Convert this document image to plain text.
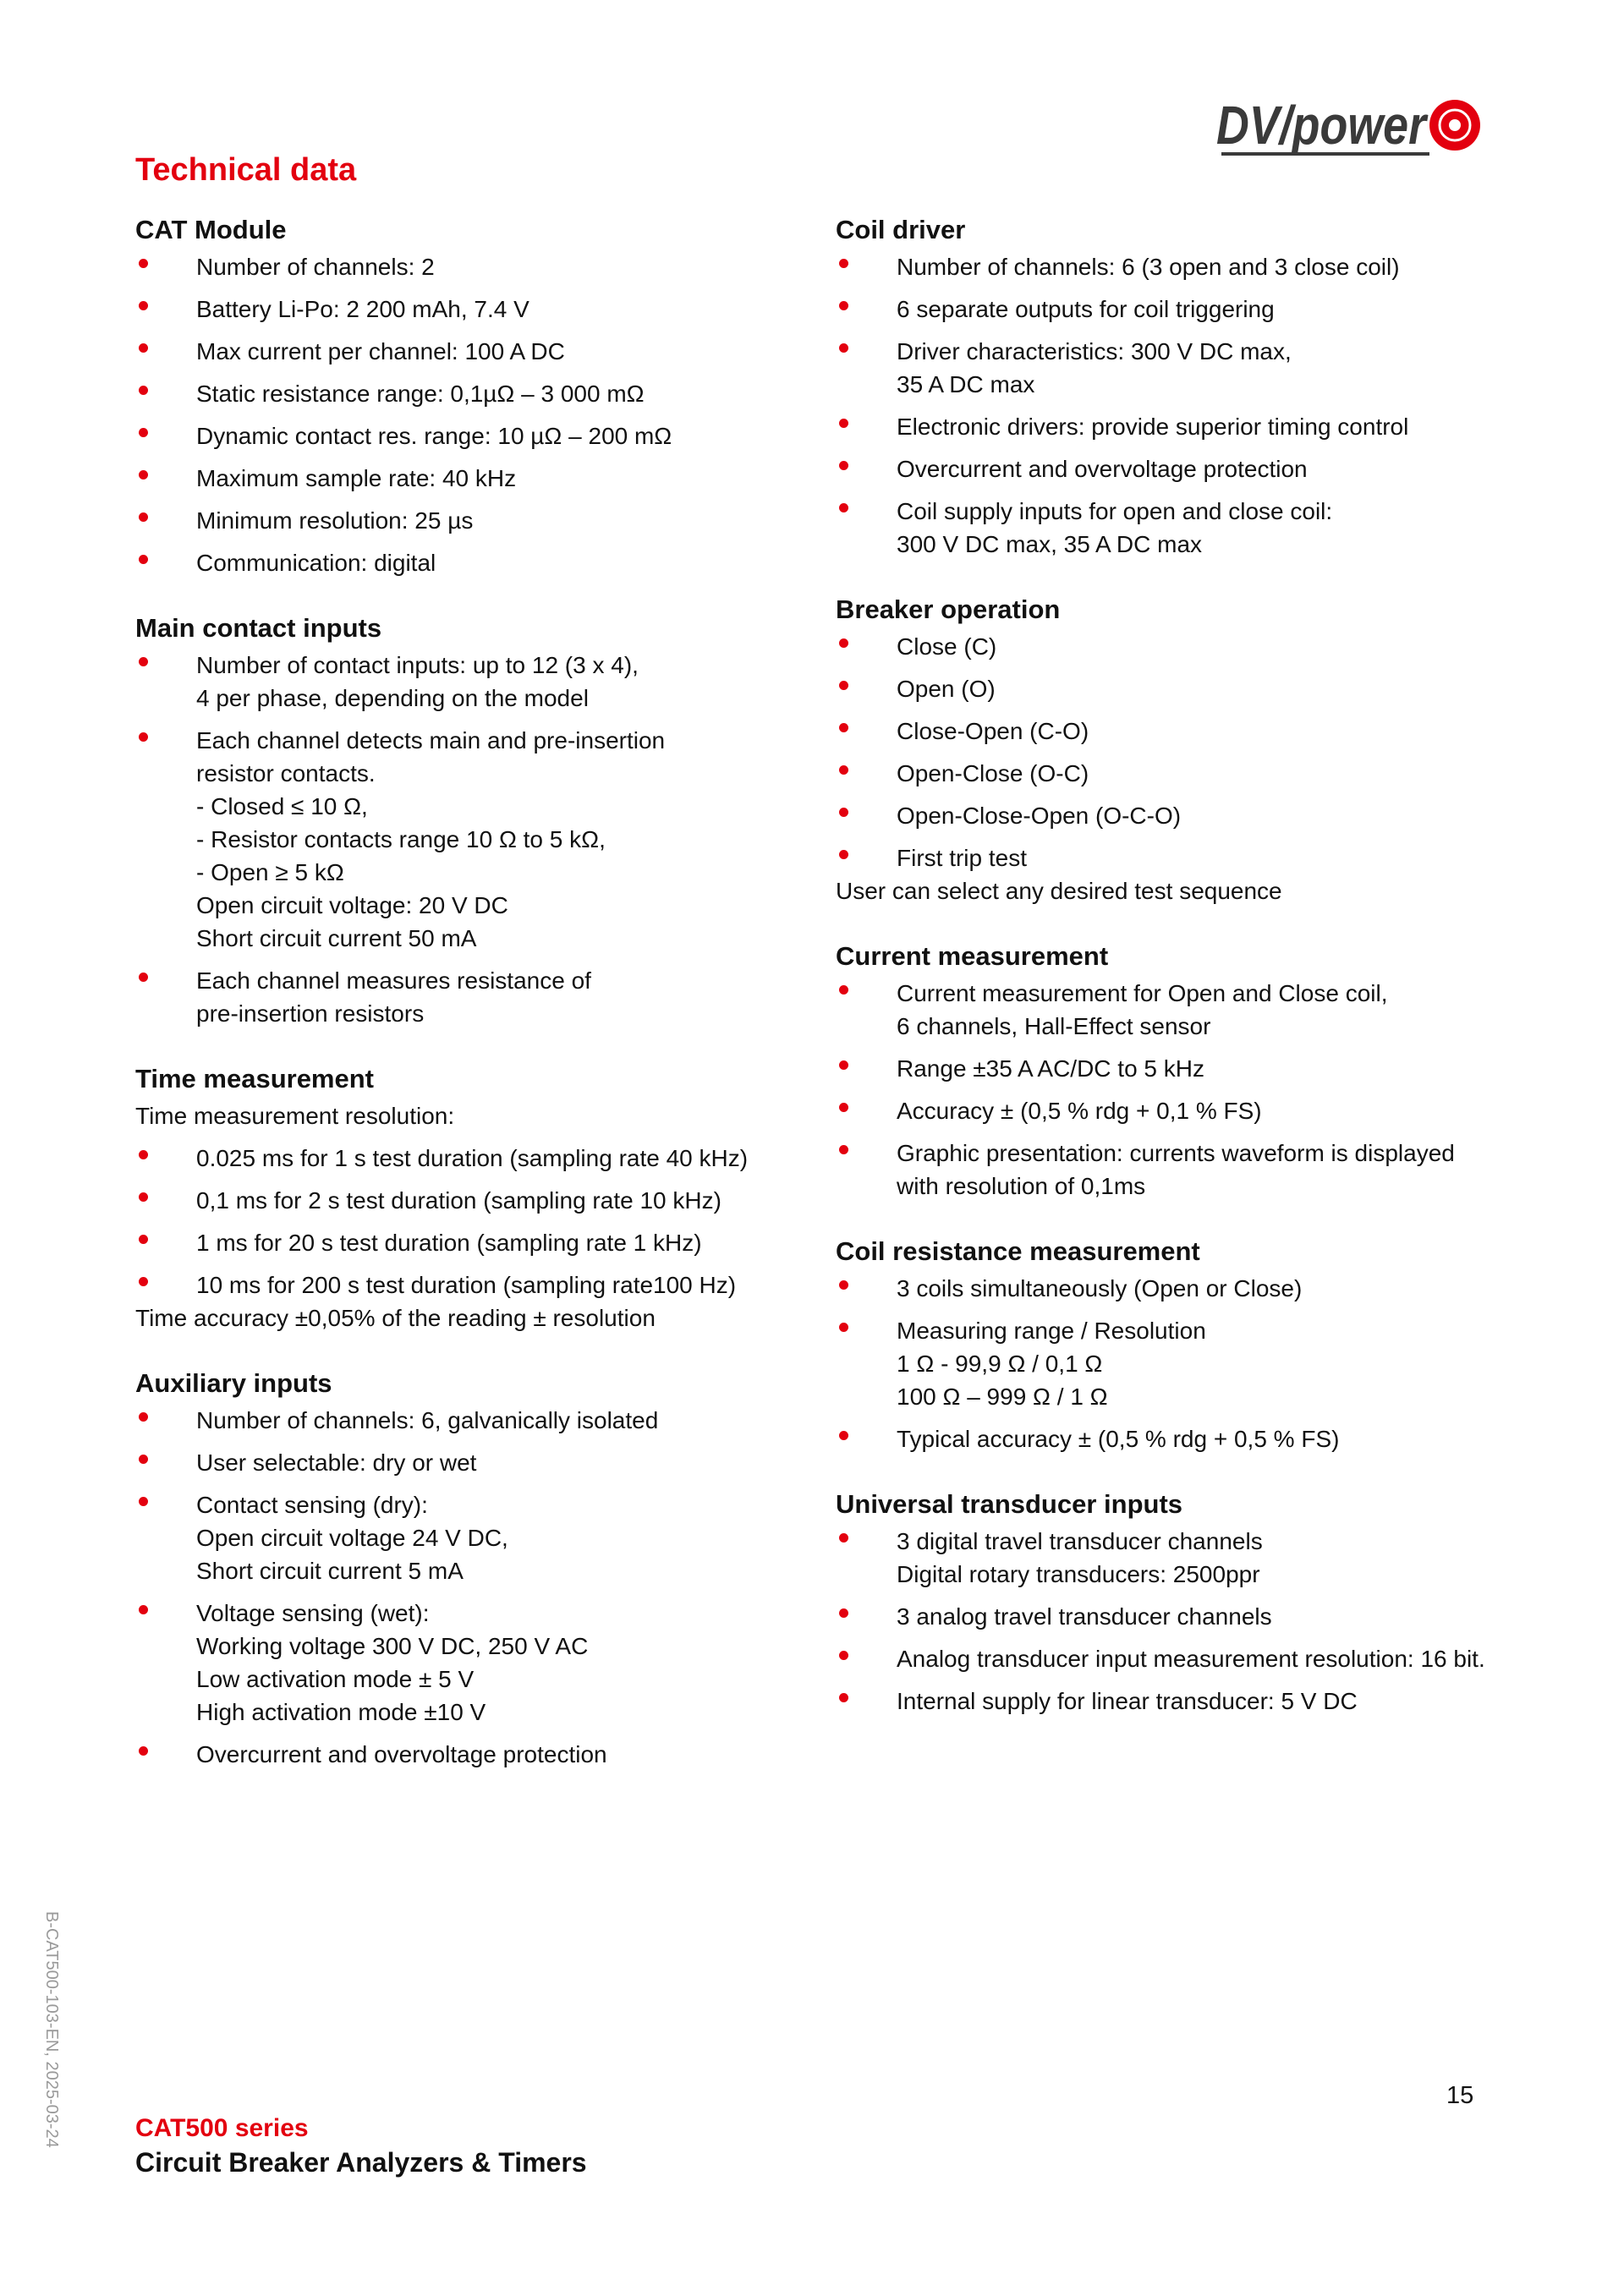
DV/power
Technical data
CAT Module
Number of channels: 2
Battery Li-Po: 2 200 mAh, 7.4 V
Max current per channel: 100 A DC
Static resistance range: 0,1µΩ – 3 000 mΩ
Dynamic contact res. range: 10 µΩ – 200 mΩ
Maximum sample rate: 40 kHz
Minimum resolution: 25 µs
Communication: digital
Main contact inputs
Number of contact inputs: up to 12 (3 x 4),
4 per phase, depending on the model
Each channel detects main and pre-insertion
resistor contacts.
- Closed ≤ 10 Ω,
- Resistor contacts range 10 Ω to 5 kΩ,
- Open ≥ 5 kΩ
Open circuit voltage: 20 V DC
Short circuit current 50 mA
Each channel measures resistance of
pre-insertion resistors
Time measurement
Time measurement resolution:
0.025 ms for 1 s test duration (sampling rate 40 kHz)
0,1 ms for 2 s test duration (sampling rate 10 kHz)
1 ms for 20 s test duration (sampling rate 1 kHz)
10 ms for 200 s test duration (sampling rate100 Hz)
Time accuracy ±0,05% of the reading ± resolution
Auxiliary inputs
Number of channels: 6, galvanically isolated
User selectable: dry or wet
Contact sensing (dry):
Open circuit voltage 24 V DC,
Short circuit current 5 mA
Voltage sensing (wet):
Working voltage 300 V DC, 250 V AC
Low activation mode ± 5 V
High activation mode ±10 V
Overcurrent and overvoltage protection
Coil driver
Number of channels: 6 (3 open and 3 close coil)
6 separate outputs for coil triggering
Driver characteristics: 300 V DC max,
35 A DC max
Electronic drivers: provide superior timing control
Overcurrent and overvoltage protection
Coil supply inputs for open and close coil:
300 V DC max, 35 A DC max
Breaker operation
Close (C)
Open (O)
Close-Open (C-O)
Open-Close (O-C)
Open-Close-Open (O-C-O)
First trip test
User can select any desired test sequence
Current measurement
Current measurement for Open and Close coil,
6 channels, Hall-Effect sensor
Range ±35 A AC/DC to 5 kHz
Accuracy ± (0,5 % rdg + 0,1 % FS)
Graphic presentation: currents waveform is displayed
with resolution of 0,1ms
Coil resistance measurement
3 coils simultaneously (Open or Close)
Measuring range / Resolution
1 Ω - 99,9 Ω / 0,1 Ω
100 Ω – 999 Ω / 1 Ω
Typical accuracy ± (0,5 % rdg + 0,5 % FS)
Universal transducer inputs
3 digital travel transducer channels
Digital rotary transducers: 2500ppr
3 analog travel transducer channels
Analog transducer input measurement resolution: 16 bit.
Internal supply for linear transducer: 5 V DC
15
CAT500 series
Circuit Breaker Analyzers & Timers
B-CAT500-103-EN, 2025-03-24
